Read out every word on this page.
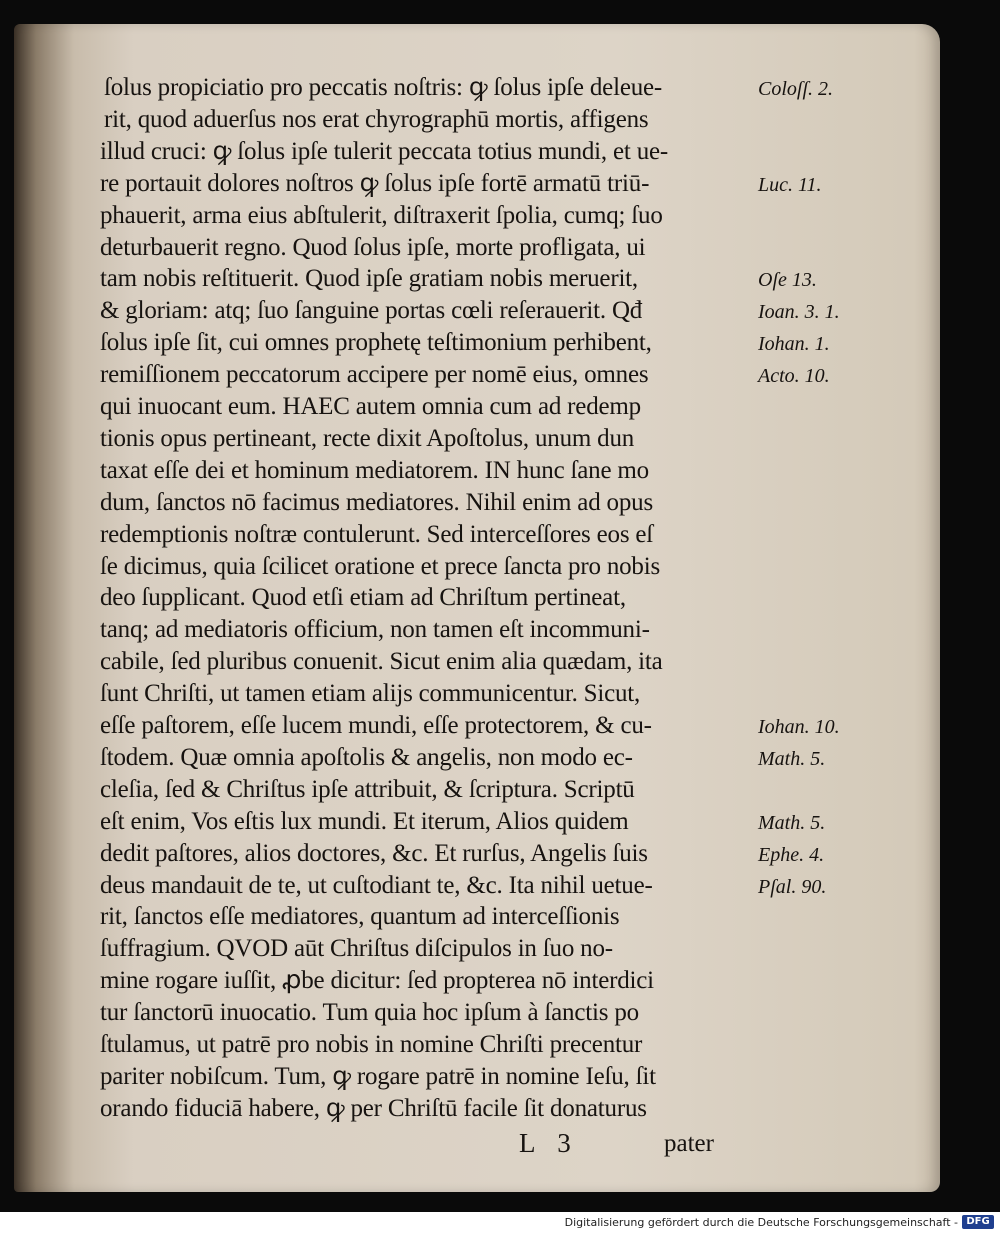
ſolus propiciatio pro peccatis noſtris: ꝙ ſolus ipſe deleue-
rit, quod aduerſus nos erat chyrographū mortis, affigens
illud cruci: ꝙ ſolus ipſe tulerit peccata totius mundi, et ue-
re portauit dolores noſtros ꝙ ſolus ipſe fortē armatū triū-
phauerit, arma eius abſtulerit, diſtraxerit ſpolia, cumq; ſuo
deturbauerit regno. Quod ſolus ipſe, morte profligata, ui
tam nobis reſtituerit. Quod ipſe gratiam nobis meruerit,
& gloriam: atq; ſuo ſanguine portas cœli reſerauerit. Qđ
ſolus ipſe ſit, cui omnes prophetę teſtimonium perhibent,
remiſſionem peccatorum accipere per nomē eius, omnes
qui inuocant eum. HAEC autem omnia cum ad redemp
tionis opus pertineant, recte dixit Apoſtolus, unum dun
taxat eſſe dei et hominum mediatorem. IN hunc ſane mo
dum, ſanctos nō facimus mediatores. Nihil enim ad opus
redemptionis noſtræ contulerunt. Sed interceſſores eos eſ
ſe dicimus, quia ſcilicet oratione et prece ſancta pro nobis
deo ſupplicant. Quod etſi etiam ad Chriſtum pertineat,
tanq; ad mediatoris officium, non tamen eſt incommuni-
cabile, ſed pluribus conuenit. Sicut enim alia quædam, ita
ſunt Chriſti, ut tamen etiam alijs communicentur. Sicut,
eſſe paſtorem, eſſe lucem mundi, eſſe protectorem, & cu-
ſtodem. Quæ omnia apoſtolis & angelis, non modo ec-
cleſia, ſed & Chriſtus ipſe attribuit, & ſcriptura. Scriptū
eſt enim, Vos eſtis lux mundi. Et iterum, Alios quidem
dedit paſtores, alios doctores, &c. Et rurſus, Angelis ſuis
deus mandauit de te, ut cuſtodiant te, &c. Ita nihil uetue-
rit, ſanctos eſſe mediatores, quantum ad interceſſionis
ſuffragium. QVOD aūt Chriſtus diſcipulos in ſuo no-
mine rogare iuſſit, ꝓbe dicitur: ſed propterea nō interdici
tur ſanctorū inuocatio. Tum quia hoc ipſum à ſanctis po
ſtulamus, ut patrē pro nobis in nomine Chriſti precentur
pariter nobiſcum. Tum, ꝙ rogare patrē in nomine Ieſu, ſit
orando fiduciā habere, ꝙ per Chriſtū facile ſit donaturus
Coloſſ. 2.
Luc. 11.
Oſe 13.
Ioan. 3. 1.
Iohan. 1.
Acto. 10.
Iohan. 10.
Math. 5.
Math. 5.
Ephe. 4.
Pſal. 90.
L 3	pater
Digitalisierung gefördert durch die Deutsche Forschungsgemeinschaft - DFG
